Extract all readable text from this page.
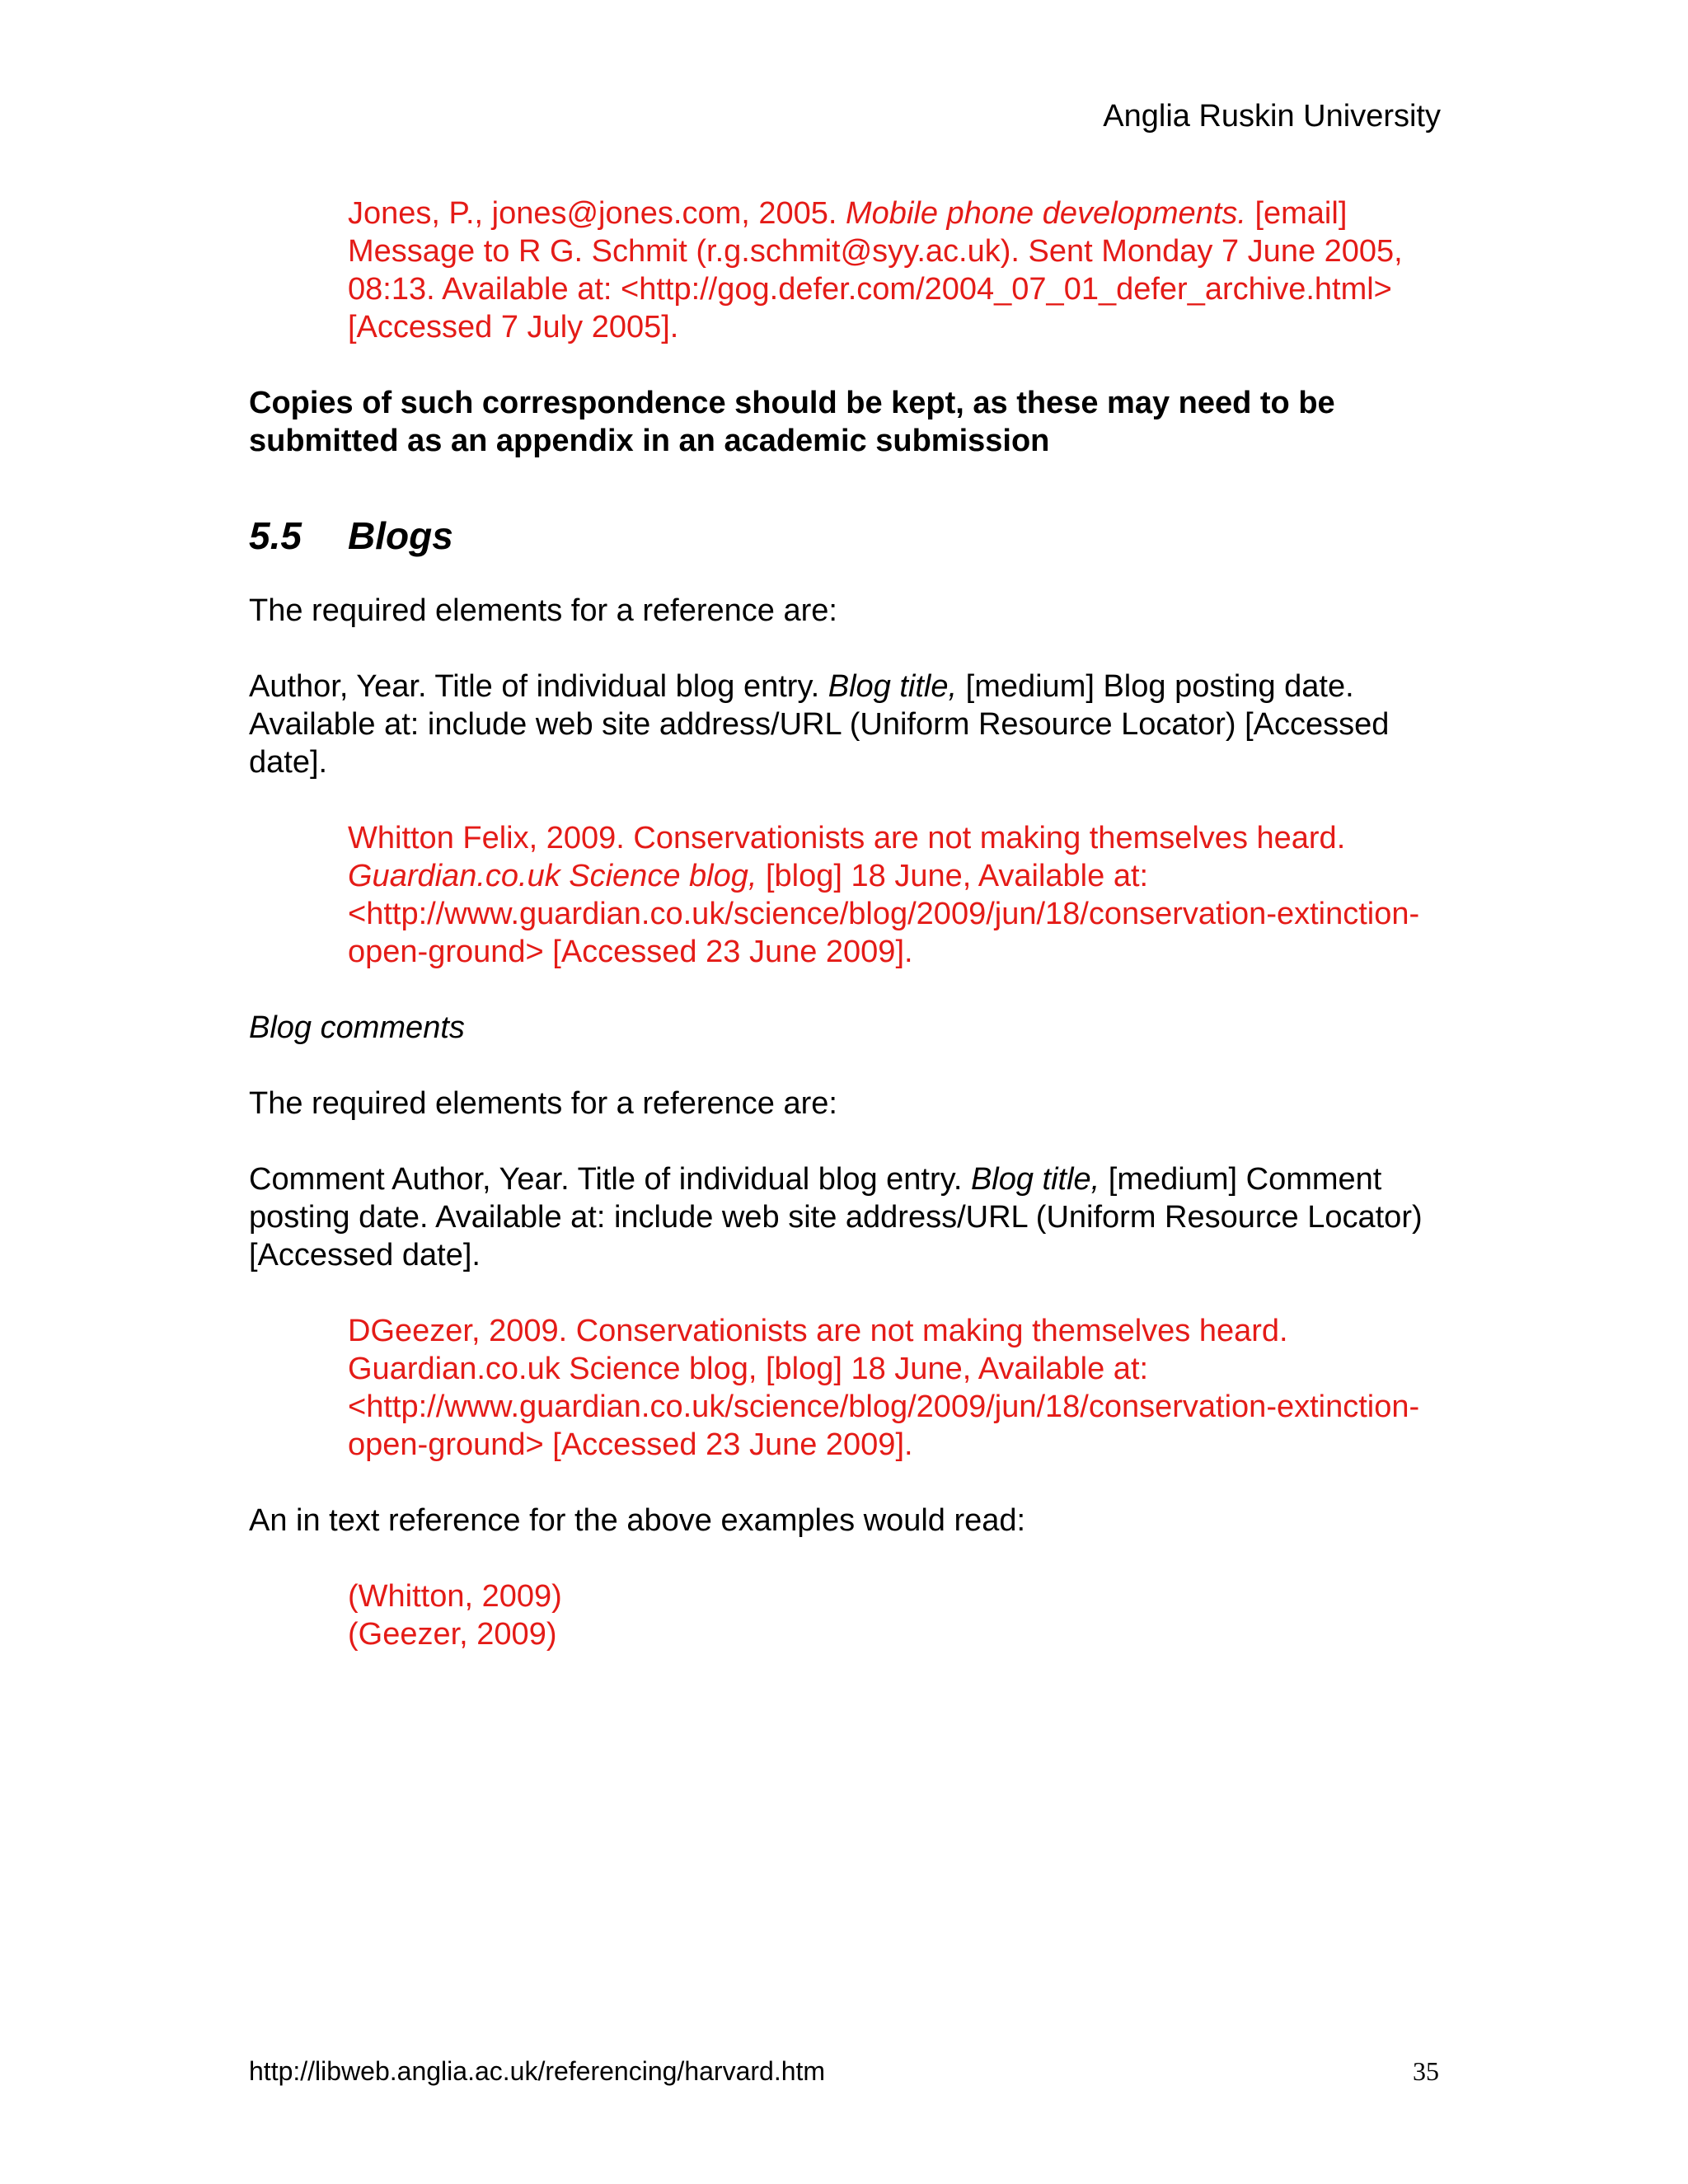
Anglia Ruskin University

Jones, P., jones@jones.com, 2005. Mobile phone developments. [email] Message to R G. Schmit (r.g.schmit@syy.ac.uk). Sent Monday 7 June 2005, 08:13. Available at: <http://gog.defer.com/2004_07_01_defer_archive.html> [Accessed 7 July 2005].

Copies of such correspondence should be kept, as these may need to be submitted as an appendix in an academic submission

5.5 Blogs

The required elements for a reference are:

Author, Year. Title of individual blog entry. Blog title, [medium] Blog posting date. Available at: include web site address/URL (Uniform Resource Locator) [Accessed date].

Whitton Felix, 2009. Conservationists are not making themselves heard. Guardian.co.uk Science blog, [blog] 18 June, Available at: <http://www.guardian.co.uk/science/blog/2009/jun/18/conservation-extinction-open-ground> [Accessed 23 June 2009].

Blog comments

The required elements for a reference are:

Comment Author, Year. Title of individual blog entry. Blog title, [medium] Comment posting date. Available at: include web site address/URL (Uniform Resource Locator) [Accessed date].

DGeezer, 2009. Conservationists are not making themselves heard. Guardian.co.uk Science blog, [blog] 18 June, Available at: <http://www.guardian.co.uk/science/blog/2009/jun/18/conservation-extinction-open-ground> [Accessed 23 June 2009].

An in text reference for the above examples would read:

(Whitton, 2009)

(Geezer, 2009)

http://libweb.anglia.ac.uk/referencing/harvard.htm	35
